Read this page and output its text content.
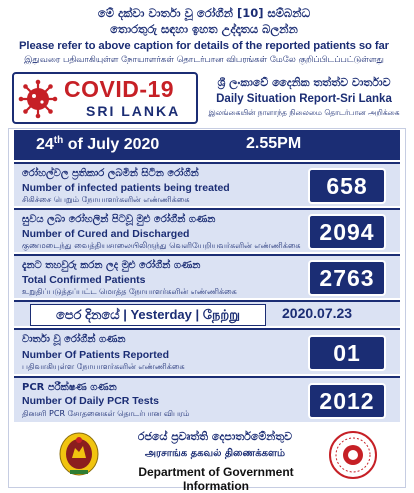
මේ දක්වා වාර්තා වූ රෝගීන් [10] සම්බන්ධ
තොරතුරු සඳහා ඉහත උද්දෘතය බලන්න
Please refer to above caption for details of the reported patients so far
இதுவரை பதிவாகியுள்ள நோயாளர்கள் தொடர்பான விபரங்கள் மேலே குறிப்பிடப்பட்டுள்ளது
COVID-19
SRI LANKA
ශ්‍රී ලංකාවේ දෛනික තත්ත්ව වාර්තාව
Daily Situation Report-Sri Lanka
இலங்கையின் நாளாந்த நிலைமை தொடர்பான அறிக்கை
24th of July 2020	2.55PM
රෝහල්වල ප්‍රතිකාර ලබමින් සිටින රෝගීන්
Number of infected patients being treated
சிகிச்சை பெறும் நோயாளர்களின் எண்ணிக்கை
658
සුවය ලබා රෝහලින් පිටවූ මුළු රෝගීන් ගණන
Number of Cured and Discharged
குணமடைந்து வைத்தியசாலையிலிருந்து வெளியேறியவர்களின் எண்ணிக்கை
2094
දැනට තහවුරු කරන ලද මුළු රෝගීන් ගණන
Total Confirmed Patients
உறுதிப்படுத்தப்பட்ட மொத்த நோயாளர்களின் எண்ணிக்கை
2763
පෙර දිනයේ | Yesterday | நேற்று	2020.07.23
වාර්තා වූ රෝගීන් ගණන
Number Of Patients Reported
பதிவாகியுள்ள நோயாளர்களின் எண்ணிக்கை
01
PCR පරීක්ෂණ ගණන
Number Of Daily PCR Tests
தினசரி PCR சோதனைகள் தொடர்பான விபரம்	2012
රජයේ ප්‍රවෘත්ති දෙපාර්තමේන්තුව
அரசாங்க தகவல் திணைக்களம்
Department of Government Information
